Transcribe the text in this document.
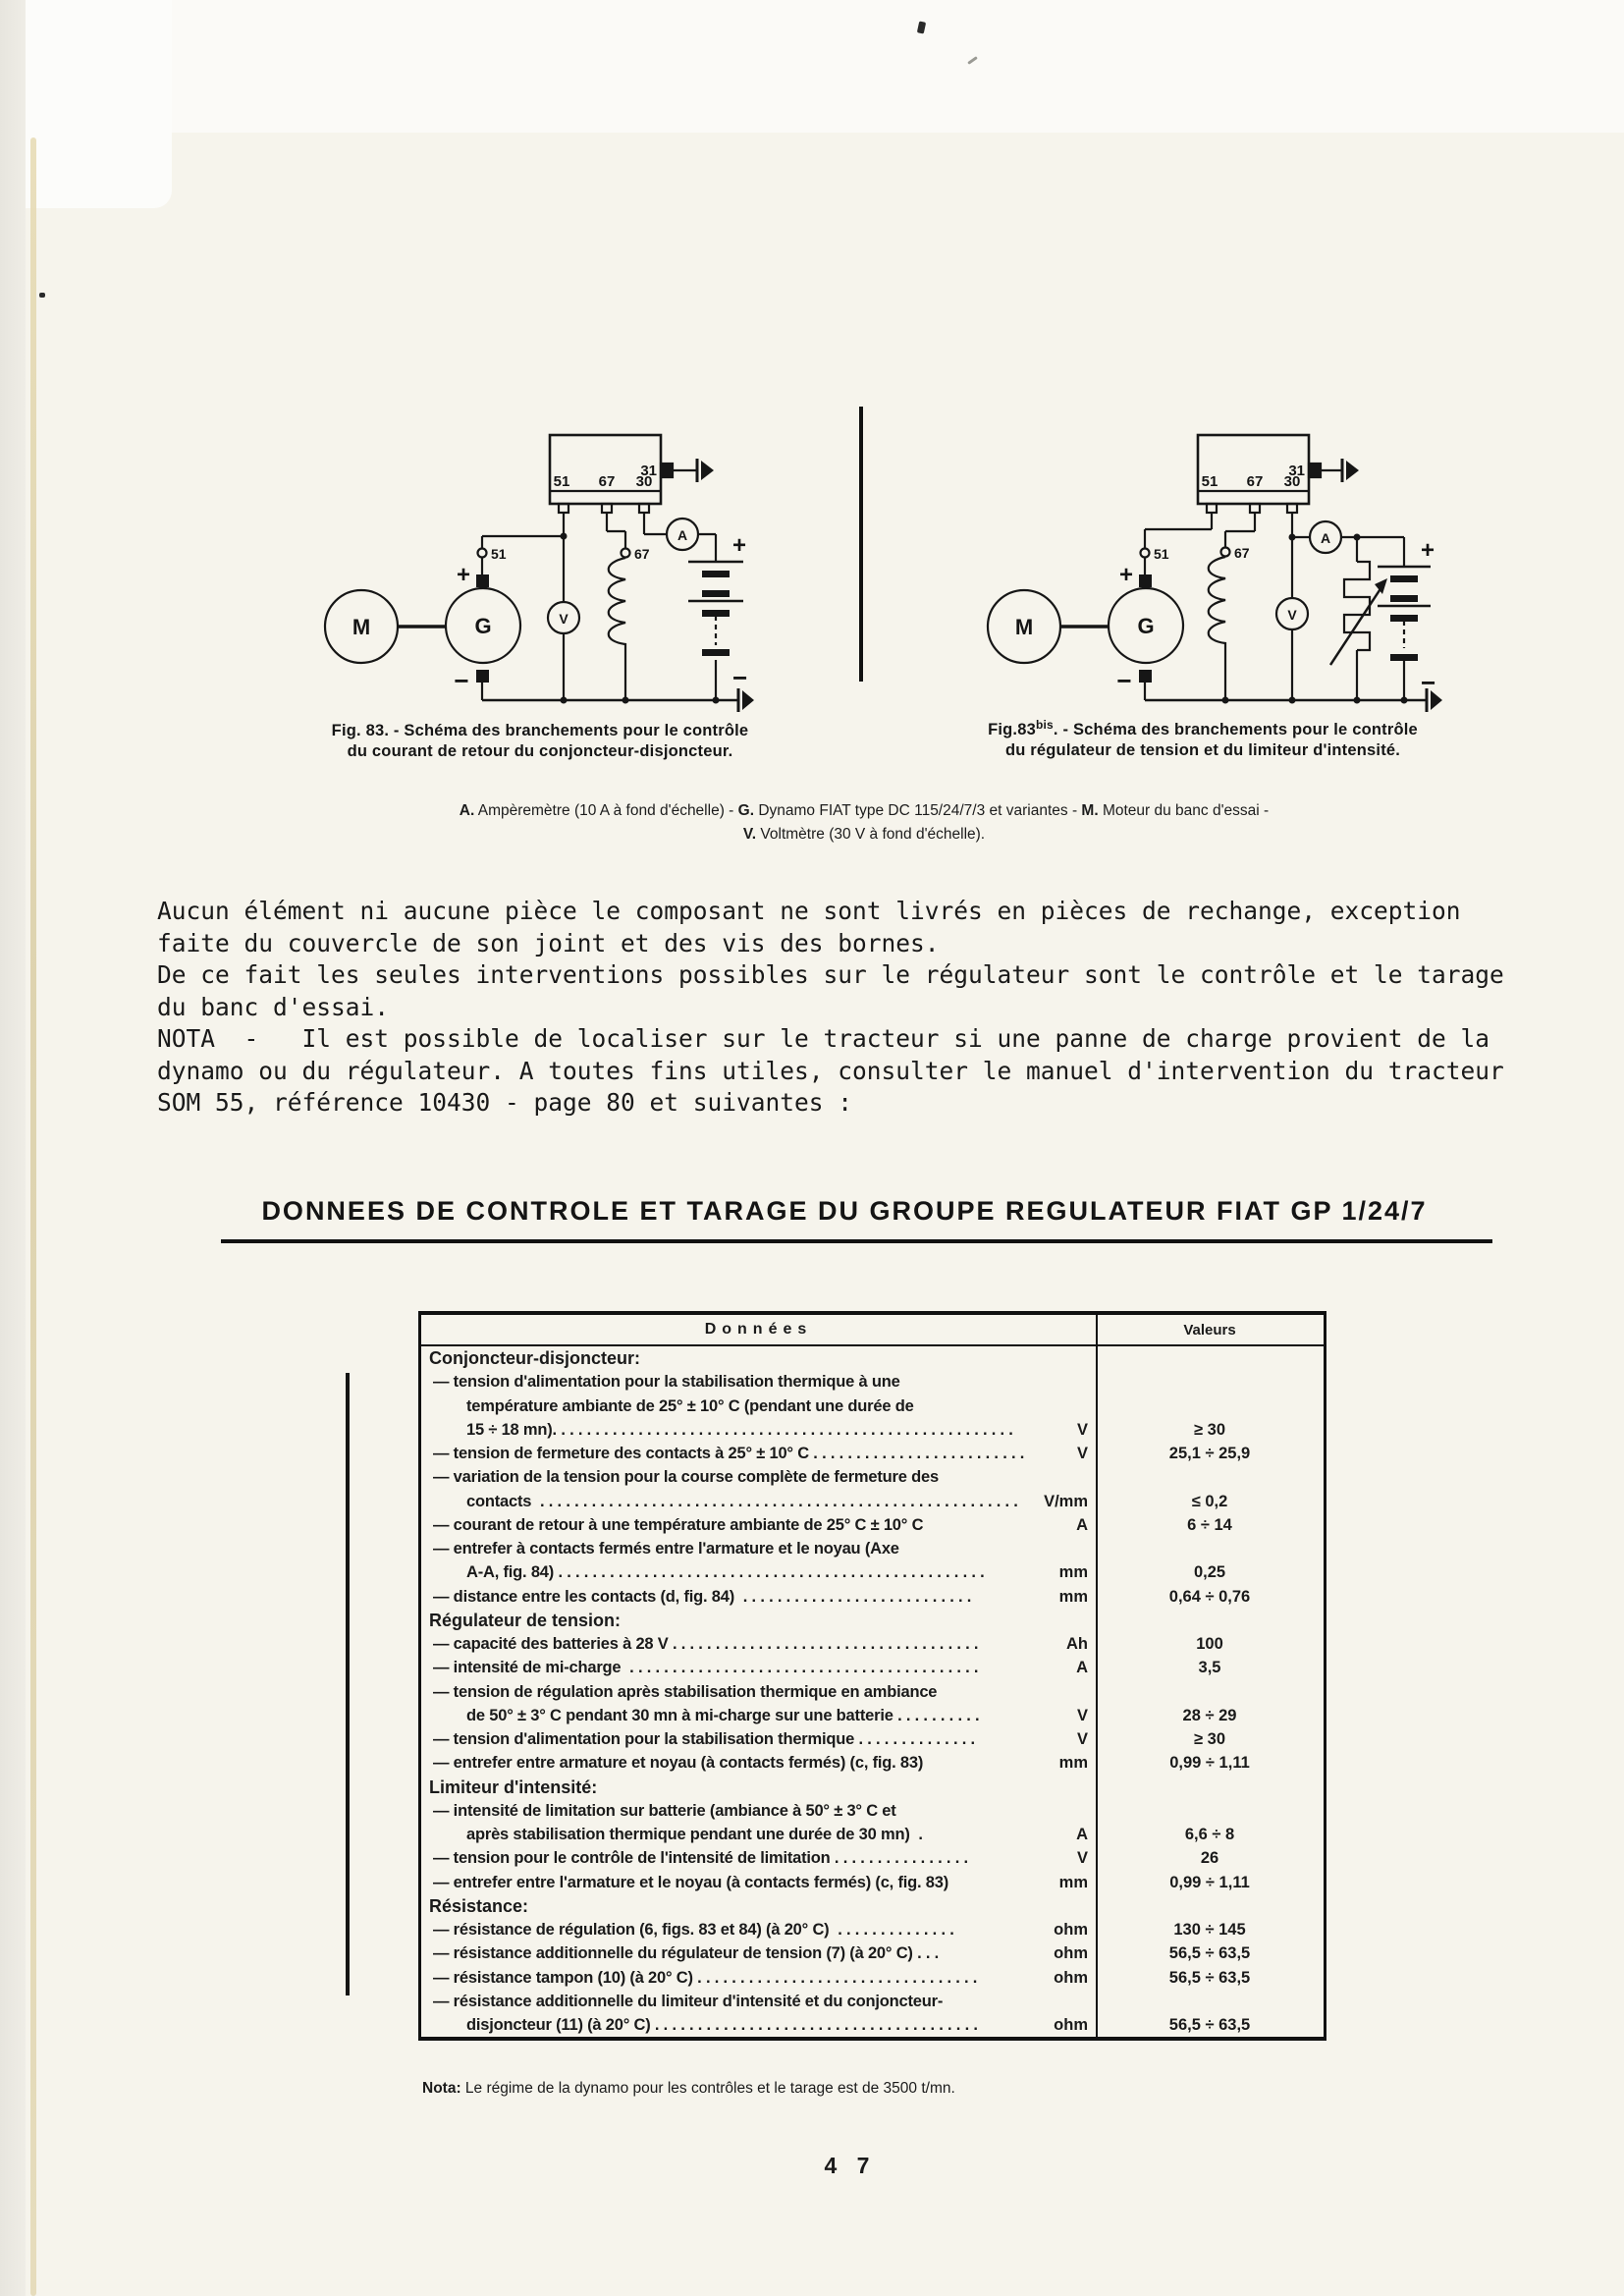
51 67 30
31
51	67
M	G	V
A
+
−
+
−
Fig. 83. - Schéma des branchements pour le contrôle
du courant de retour du conjoncteur-disjoncteur.
51 67 30
31
51	67
M	G	V
A
+
−
+
−
$Fig.83^{bis}$. - Schéma des branchements pour le contrôle
du régulateur de tension et du limiteur d'intensité.
A. Ampèremètre (10 A à fond d'échelle) - G. Dynamo FIAT type DC 115/24/7/3 et variantes - M. Moteur du banc d'essai -
V. Voltmètre (30 V à fond d'échelle).
Aucun élément ni aucune pièce le composant ne sont livrés en pièces de rechange, exception
faite du couvercle de son joint et des vis des bornes.
De ce fait les seules interventions possibles sur le régulateur sont le contrôle et le tarage
du banc d'essai.
NOTA  -   Il est possible de localiser sur le tracteur si une panne de charge provient de la
dynamo ou du régulateur. A toutes fins utiles, consulter le manuel d'intervention du tracteur
SOM 55, référence 10430 - page 80 et suivantes :
DONNEES DE CONTROLE ET TARAGE DU GROUPE REGULATEUR FIAT GP 1/24/7
Données	Valeurs
Conjoncteur-disjoncteur:
— tension d'alimentation pour la stabilisation thermique à une
température ambiante de 25° ± 10° C (pendant une durée de
15 ÷ 18 mn). . . . . . . . . . . . . . . . . . . . . . . . . . . . . . . . . . . . . . . . . . . . . . . . . . . . . .	V	≥ 30
— tension de fermeture des contacts à 25° ± 10° C . . . . . . . . . . . . . . . . . . . . . . . . .	V	25,1 ÷ 25,9
— variation de la tension pour la course complète de fermeture des
contacts  . . . . . . . . . . . . . . . . . . . . . . . . . . . . . . . . . . . . . . . . . . . . . . . . . . . . . . . .	V/mm	≤ 0,2
— courant de retour à une température ambiante de 25° C ± 10° C	A	6 ÷ 14
— entrefer à contacts fermés entre l'armature et le noyau (Axe
A-A, fig. 84) . . . . . . . . . . . . . . . . . . . . . . . . . . . . . . . . . . . . . . . . . . . . . . . . . .	mm	0,25
— distance entre les contacts (d, fig. 84)  . . . . . . . . . . . . . . . . . . . . . . . . . . .	mm	0,64 ÷ 0,76
Régulateur de tension:
— capacité des batteries à 28 V . . . . . . . . . . . . . . . . . . . . . . . . . . . . . . . . . . . .	Ah	100
— intensité de mi-charge  . . . . . . . . . . . . . . . . . . . . . . . . . . . . . . . . . . . . . . . . .	A	3,5
— tension de régulation après stabilisation thermique en ambiance
de 50° ± 3° C pendant 30 mn à mi-charge sur une batterie . . . . . . . . . .	V	28 ÷ 29
— tension d'alimentation pour la stabilisation thermique . . . . . . . . . . . . . .	V	≥ 30
— entrefer entre armature et noyau (à contacts fermés) (c, fig. 83)	mm	0,99 ÷ 1,11
Limiteur d'intensité:
— intensité de limitation sur batterie (ambiance à 50° ± 3° C et
après stabilisation thermique pendant une durée de 30 mn)  .	A	6,6 ÷ 8
— tension pour le contrôle de l'intensité de limitation . . . . . . . . . . . . . . . .	V	26
— entrefer entre l'armature et le noyau (à contacts fermés) (c, fig. 83)	mm	0,99 ÷ 1,11
Résistance:
— résistance de régulation (6, figs. 83 et 84) (à 20° C)  . . . . . . . . . . . . . .	ohm	130 ÷ 145
— résistance additionnelle du régulateur de tension (7) (à 20° C) . . .	ohm	56,5 ÷ 63,5
— résistance tampon (10) (à 20° C) . . . . . . . . . . . . . . . . . . . . . . . . . . . . . . . . .	ohm	56,5 ÷ 63,5
— résistance additionnelle du limiteur d'intensité et du conjoncteur-
disjoncteur (11) (à 20° C) . . . . . . . . . . . . . . . . . . . . . . . . . . . . . . . . . . . . . .	ohm	56,5 ÷ 63,5
Nota: Le régime de la dynamo pour les contrôles et le tarage est de 3500 t/mn.
4 7
